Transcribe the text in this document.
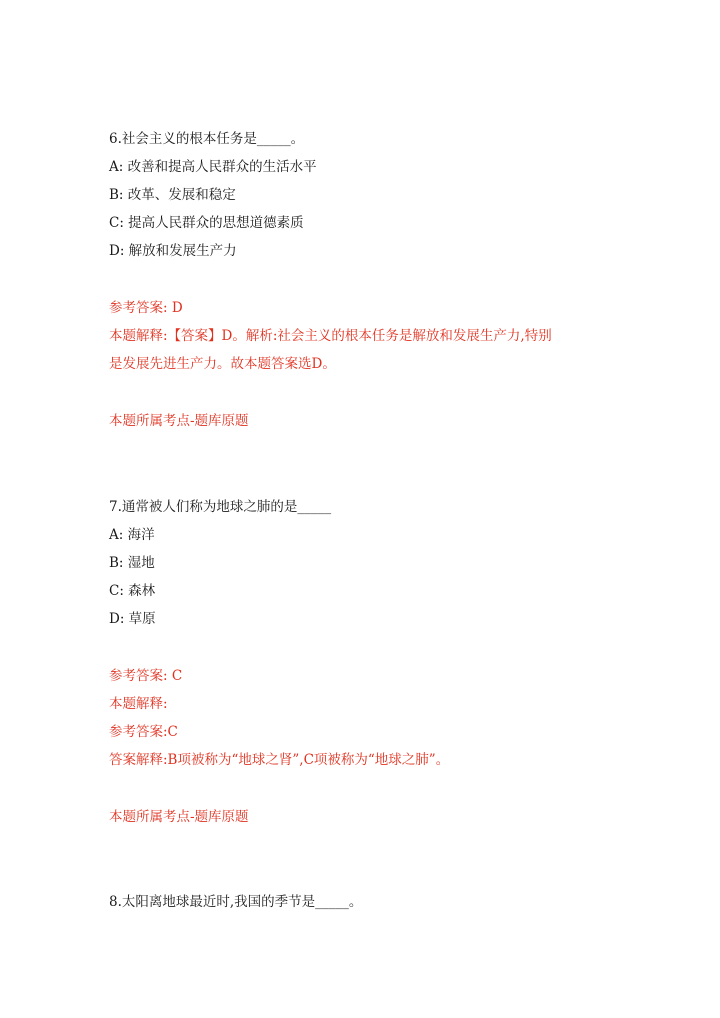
6.社会主义的根本任务是_____。
A: 改善和提高人民群众的生活水平
B: 改革、发展和稳定
C: 提高人民群众的思想道德素质
D: 解放和发展生产力
参考答案: D
本题解释:【答案】D。解析:社会主义的根本任务是解放和发展生产力,特别
是发展先进生产力。故本题答案选D。
本题所属考点-题库原题
7.通常被人们称为地球之肺的是_____
A: 海洋
B: 湿地
C: 森林
D: 草原
参考答案: C
本题解释:
参考答案:C
答案解释:B项被称为“地球之肾”,C项被称为“地球之肺”。
本题所属考点-题库原题
8.太阳离地球最近时,我国的季节是_____。
